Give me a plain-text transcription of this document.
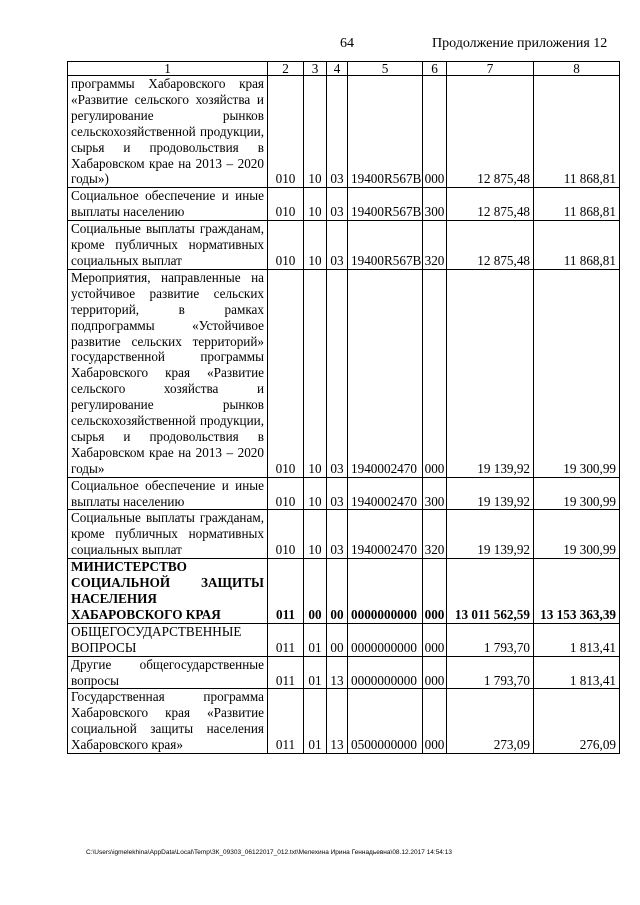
64	Продолжение приложения 12
1	2	3	4	5	6	7	8
программы Хабаровского края «Развитие сельского хозяйства и регулирование рынков сельскохозяйственной продукции, сырья и продовольствия в Хабаровском крае на 2013 – 2020 годы»)	010	10	03	19400R567B	000	12 875,48	11 868,81
Социальное обеспечение и иные выплаты населению	010	10	03	19400R567B	300	12 875,48	11 868,81
Социальные выплаты гражданам, кроме публичных нормативных социальных выплат	010	10	03	19400R567B	320	12 875,48	11 868,81
Мероприятия, направленные на устойчивое развитие сельских территорий, в рамках подпрограммы «Устойчивое развитие сельских территорий» государственной программы Хабаровского края «Развитие сельского хозяйства и регулирование рынков сельскохозяйственной продукции, сырья и продовольствия в Хабаровском крае на 2013 – 2020 годы»	010	10	03	1940002470	000	19 139,92	19 300,99
Социальное обеспечение и иные выплаты населению	010	10	03	1940002470	300	19 139,92	19 300,99
Социальные выплаты гражданам, кроме публичных нормативных социальных выплат	010	10	03	1940002470	320	19 139,92	19 300,99
МИНИСТЕРСТВО СОЦИАЛЬНОЙ ЗАЩИТЫ НАСЕЛЕНИЯ ХАБАРОВСКОГО КРАЯ	011	00	00	0000000000	000	13 011 562,59	13 153 363,39
ОБЩЕГОСУДАРСТВЕННЫЕ ВОПРОСЫ	011	01	00	0000000000	000	1 793,70	1 813,41
Другие общегосударственные вопросы	011	01	13	0000000000	000	1 793,70	1 813,41
Государственная программа Хабаровского края «Развитие социальной защиты населения Хабаровского края»	011	01	13	0500000000	000	273,09	276,09
C:\Users\igmelekhina\AppData\Local\Temp\ЗК_09303_06122017_012.txt\Мелехина Ирина Геннадьевна\08.12.2017 14:54:13
